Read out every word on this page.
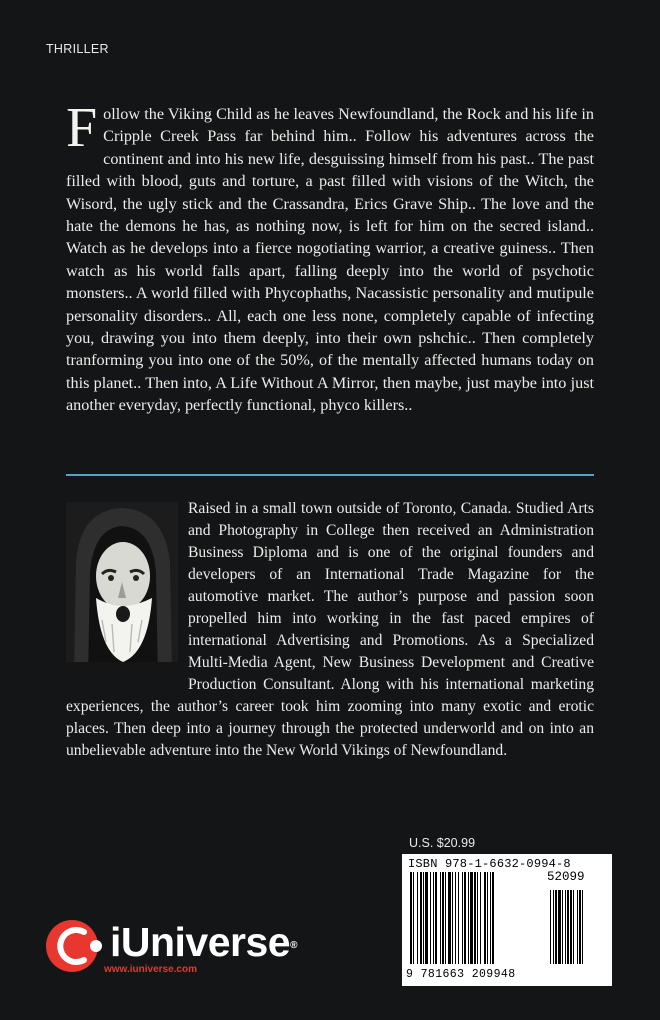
THRILLER

Follow the Viking Child as he leaves Newfoundland, the Rock and his life in Cripple Creek Pass far behind him.. Follow his adventures across the continent and into his new life, desguissing himself from his past.. The past filled with blood, guts and torture, a past filled with visions of the Witch, the Wisord, the ugly stick and the Crassandra, Erics Grave Ship.. The love and the hate the demons he has, as nothing now, is left for him on the secred island.. Watch as he develops into a fierce nogotiating warrior, a creative guiness.. Then watch as his world falls apart, falling deeply into the world of psychotic monsters.. A world filled with Phycophaths, Nacassistic personality and mutipule personality disorders.. All, each one less none, completely capable of infecting you, drawing you into them deeply, into their own pshchic.. Then completely tranforming you into one of the 50%, of the mentally affected humans today on this planet.. Then into, A Life Without A Mirror, then maybe, just maybe into just another everyday, perfectly functional, phyco killers..

Raised in a small town outside of Toronto, Canada. Studied Arts and Photography in College then received an Administration Business Diploma and is one of the original founders and developers of an International Trade Magazine for the automotive market. The author’s purpose and passion soon propelled him into working in the fast paced empires of international Advertising and Promotions. As a Specialized Multi-Media Agent, New Business Development and Creative Production Consultant. Along with his international marketing experiences, the author’s career took him zooming into many exotic and erotic places. Then deep into a journey through the protected underworld and on into an unbelievable adventure into the New World Vikings of Newfoundland.

U.S. $20.99
ISBN 978-1-6632-0994-8
52099
9 781663 209948
iUniverse®
www.iuniverse.com
